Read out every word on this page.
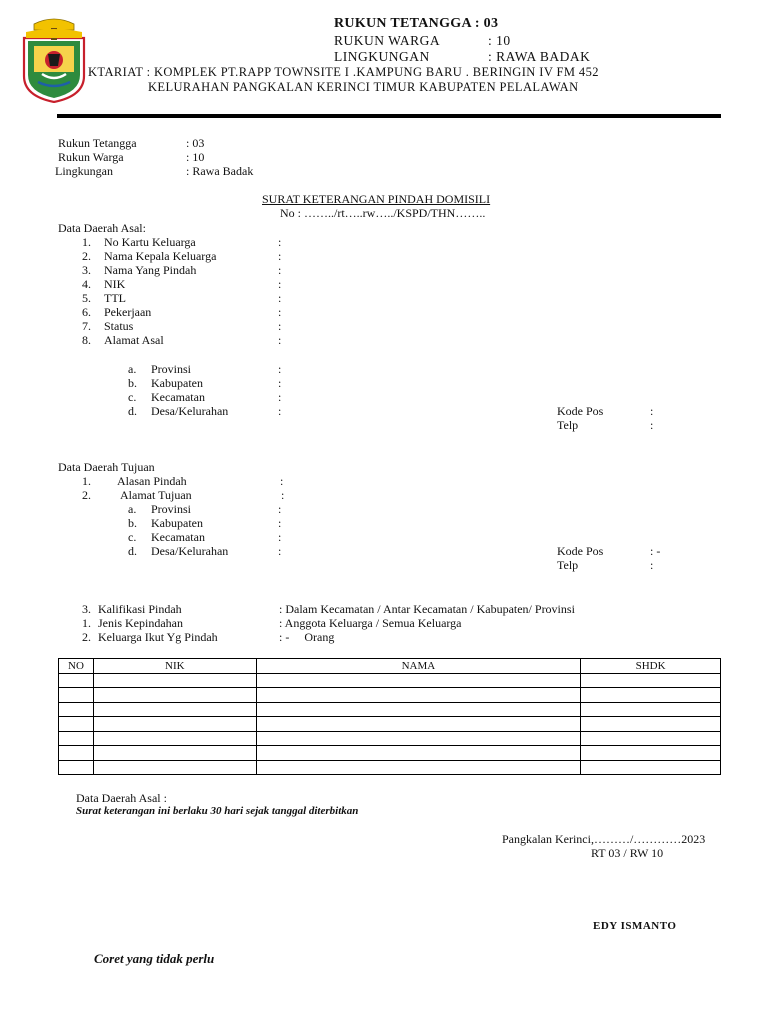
RUKUN TETANGGA : 03
RUKUN WARGA	: 10
LINGKUNGAN	: RAWA BADAK
KTARIAT : KOMPLEK PT.RAPP TOWNSITE I .KAMPUNG BARU . BERINGIN IV FM 452
KELURAHAN PANGKALAN KERINCI TIMUR KABUPATEN PELALAWAN
Rukun Tetangga	: 03
Rukun Warga	: 10
Lingkungan	: Rawa Badak
SURAT KETERANGAN PINDAH DOMISILI
No : ……../rt…..rw…../KSPD/THN……..
Data Daerah Asal:
1. No Kartu Keluarga	:
2. Nama Kepala Keluarga	:
3. Nama Yang Pindah	:
4. NIK	:
5. TTL	:
6. Pekerjaan	:
7. Status	:
8. Alamat Asal	:
a. Provinsi	:
b. Kabupaten	:
c. Kecamatan	:
d. Desa/Kelurahan	:	Kode Pos	:
Telp	:
Data Daerah Tujuan
1. Alasan Pindah	:
2. Alamat Tujuan	:
a. Provinsi	:
b. Kabupaten	:
c. Kecamatan	:
d. Desa/Kelurahan	:	Kode Pos	: -
Telp	:
3. Kalifikasi Pindah	: Dalam Kecamatan / Antar Kecamatan / Kabupaten/ Provinsi
1. Jenis Kepindahan	: Anggota Keluarga / Semua Keluarga
2. Keluarga Ikut Yg Pindah	: -     Orang
NO	NIK	NAMA	SHDK

Data Daerah Asal :
Surat keterangan ini berlaku 30 hari sejak tanggal diterbitkan
Pangkalan Kerinci,………/…………2023
RT 03 / RW 10
EDY ISMANTO
Coret yang tidak perlu
